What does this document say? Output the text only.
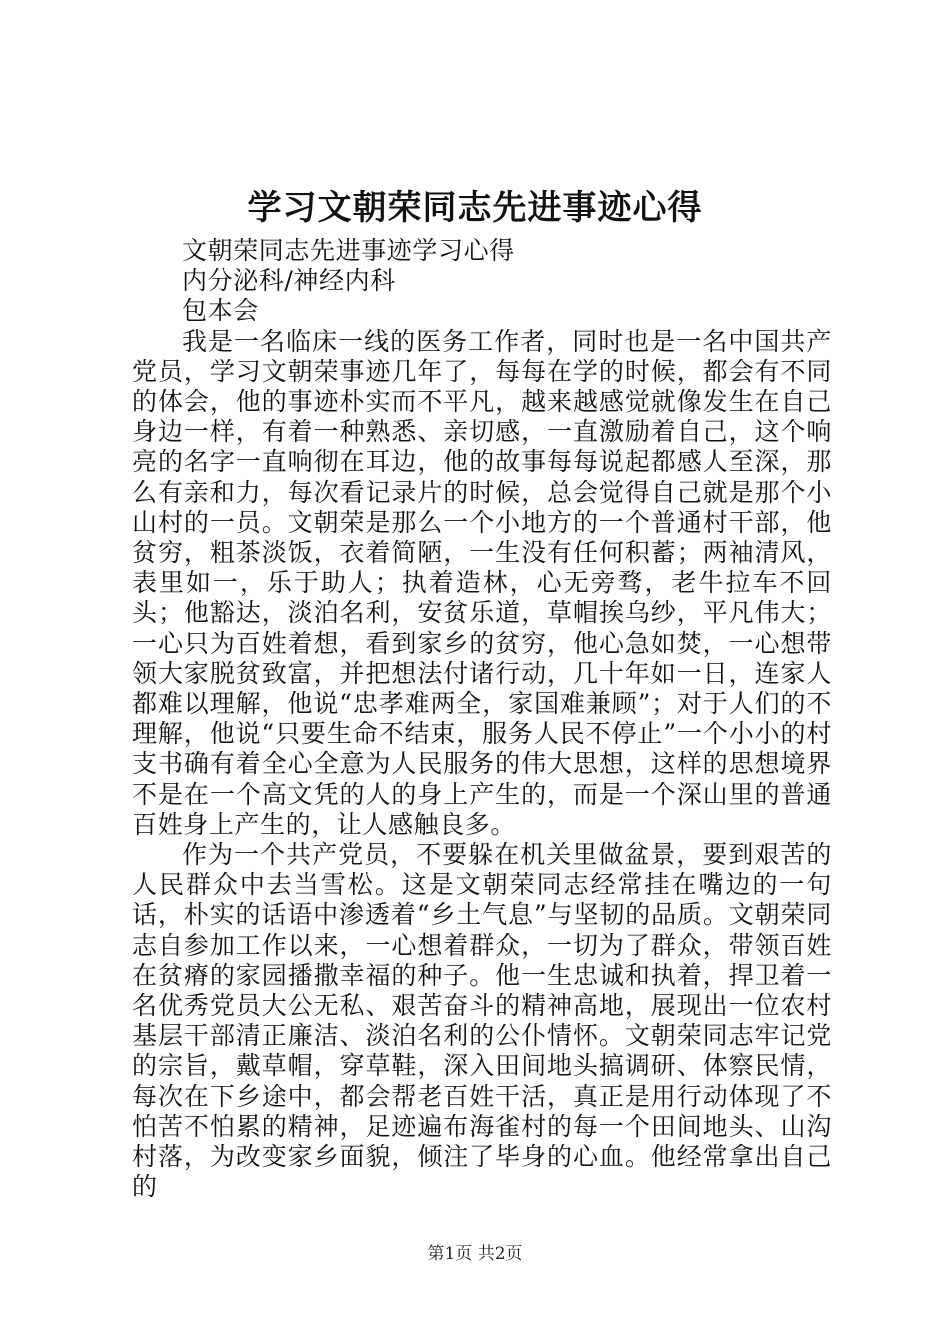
学习文朝荣同志先进事迹心得

文朝荣同志先进事迹学习心得

内分泌科/神经内科

包本会

我是一名临床一线的医务工作者，同时也是一名中国共产党员，学习文朝荣事迹几年了，每每在学的时候，都会有不同的体会，他的事迹朴实而不平凡，越来越感觉就像发生在自己身边一样，有着一种熟悉、亲切感，一直激励着自己，这个响亮的名字一直响彻在耳边，他的故事每每说起都感人至深，那么有亲和力，每次看记录片的时候，总会觉得自己就是那个小山村的一员。文朝荣是那么一个小地方的一个普通村干部，他贫穷，粗茶淡饭，衣着简陋，一生没有任何积蓄；两袖清风，表里如一，乐于助人；执着造林，心无旁骛，老牛拉车不回头；他豁达，淡泊名利，安贫乐道，草帽挨乌纱，平凡伟大；一心只为百姓着想，看到家乡的贫穷，他心急如焚，一心想带领大家脱贫致富，并把想法付诸行动，几十年如一日，连家人都难以理解，他说“忠孝难两全，家国难兼顾”；对于人们的不理解，他说“只要生命不结束，服务人民不停止”一个小小的村支书确有着全心全意为人民服务的伟大思想，这样的思想境界不是在一个高文凭的人的身上产生的，而是一个深山里的普通百姓身上产生的，让人感触良多。

作为一个共产党员，不要躲在机关里做盆景，要到艰苦的人民群众中去当雪松。这是文朝荣同志经常挂在嘴边的一句话，朴实的话语中渗透着“乡土气息”与坚韧的品质。文朝荣同志自参加工作以来，一心想着群众，一切为了群众，带领百姓在贫瘠的家园播撒幸福的种子。他一生忠诚和执着，捍卫着一名优秀党员大公无私、艰苦奋斗的精神高地，展现出一位农村基层干部清正廉洁、淡泊名利的公仆情怀。文朝荣同志牢记党的宗旨，戴草帽，穿草鞋，深入田间地头搞调研、体察民情，每次在下乡途中，都会帮老百姓干活，真正是用行动体现了不怕苦不怕累的精神，足迹遍布海雀村的每一个田间地头、山沟村落，为改变家乡面貌，倾注了毕身的心血。他经常拿出自己的

第1页 共2页
